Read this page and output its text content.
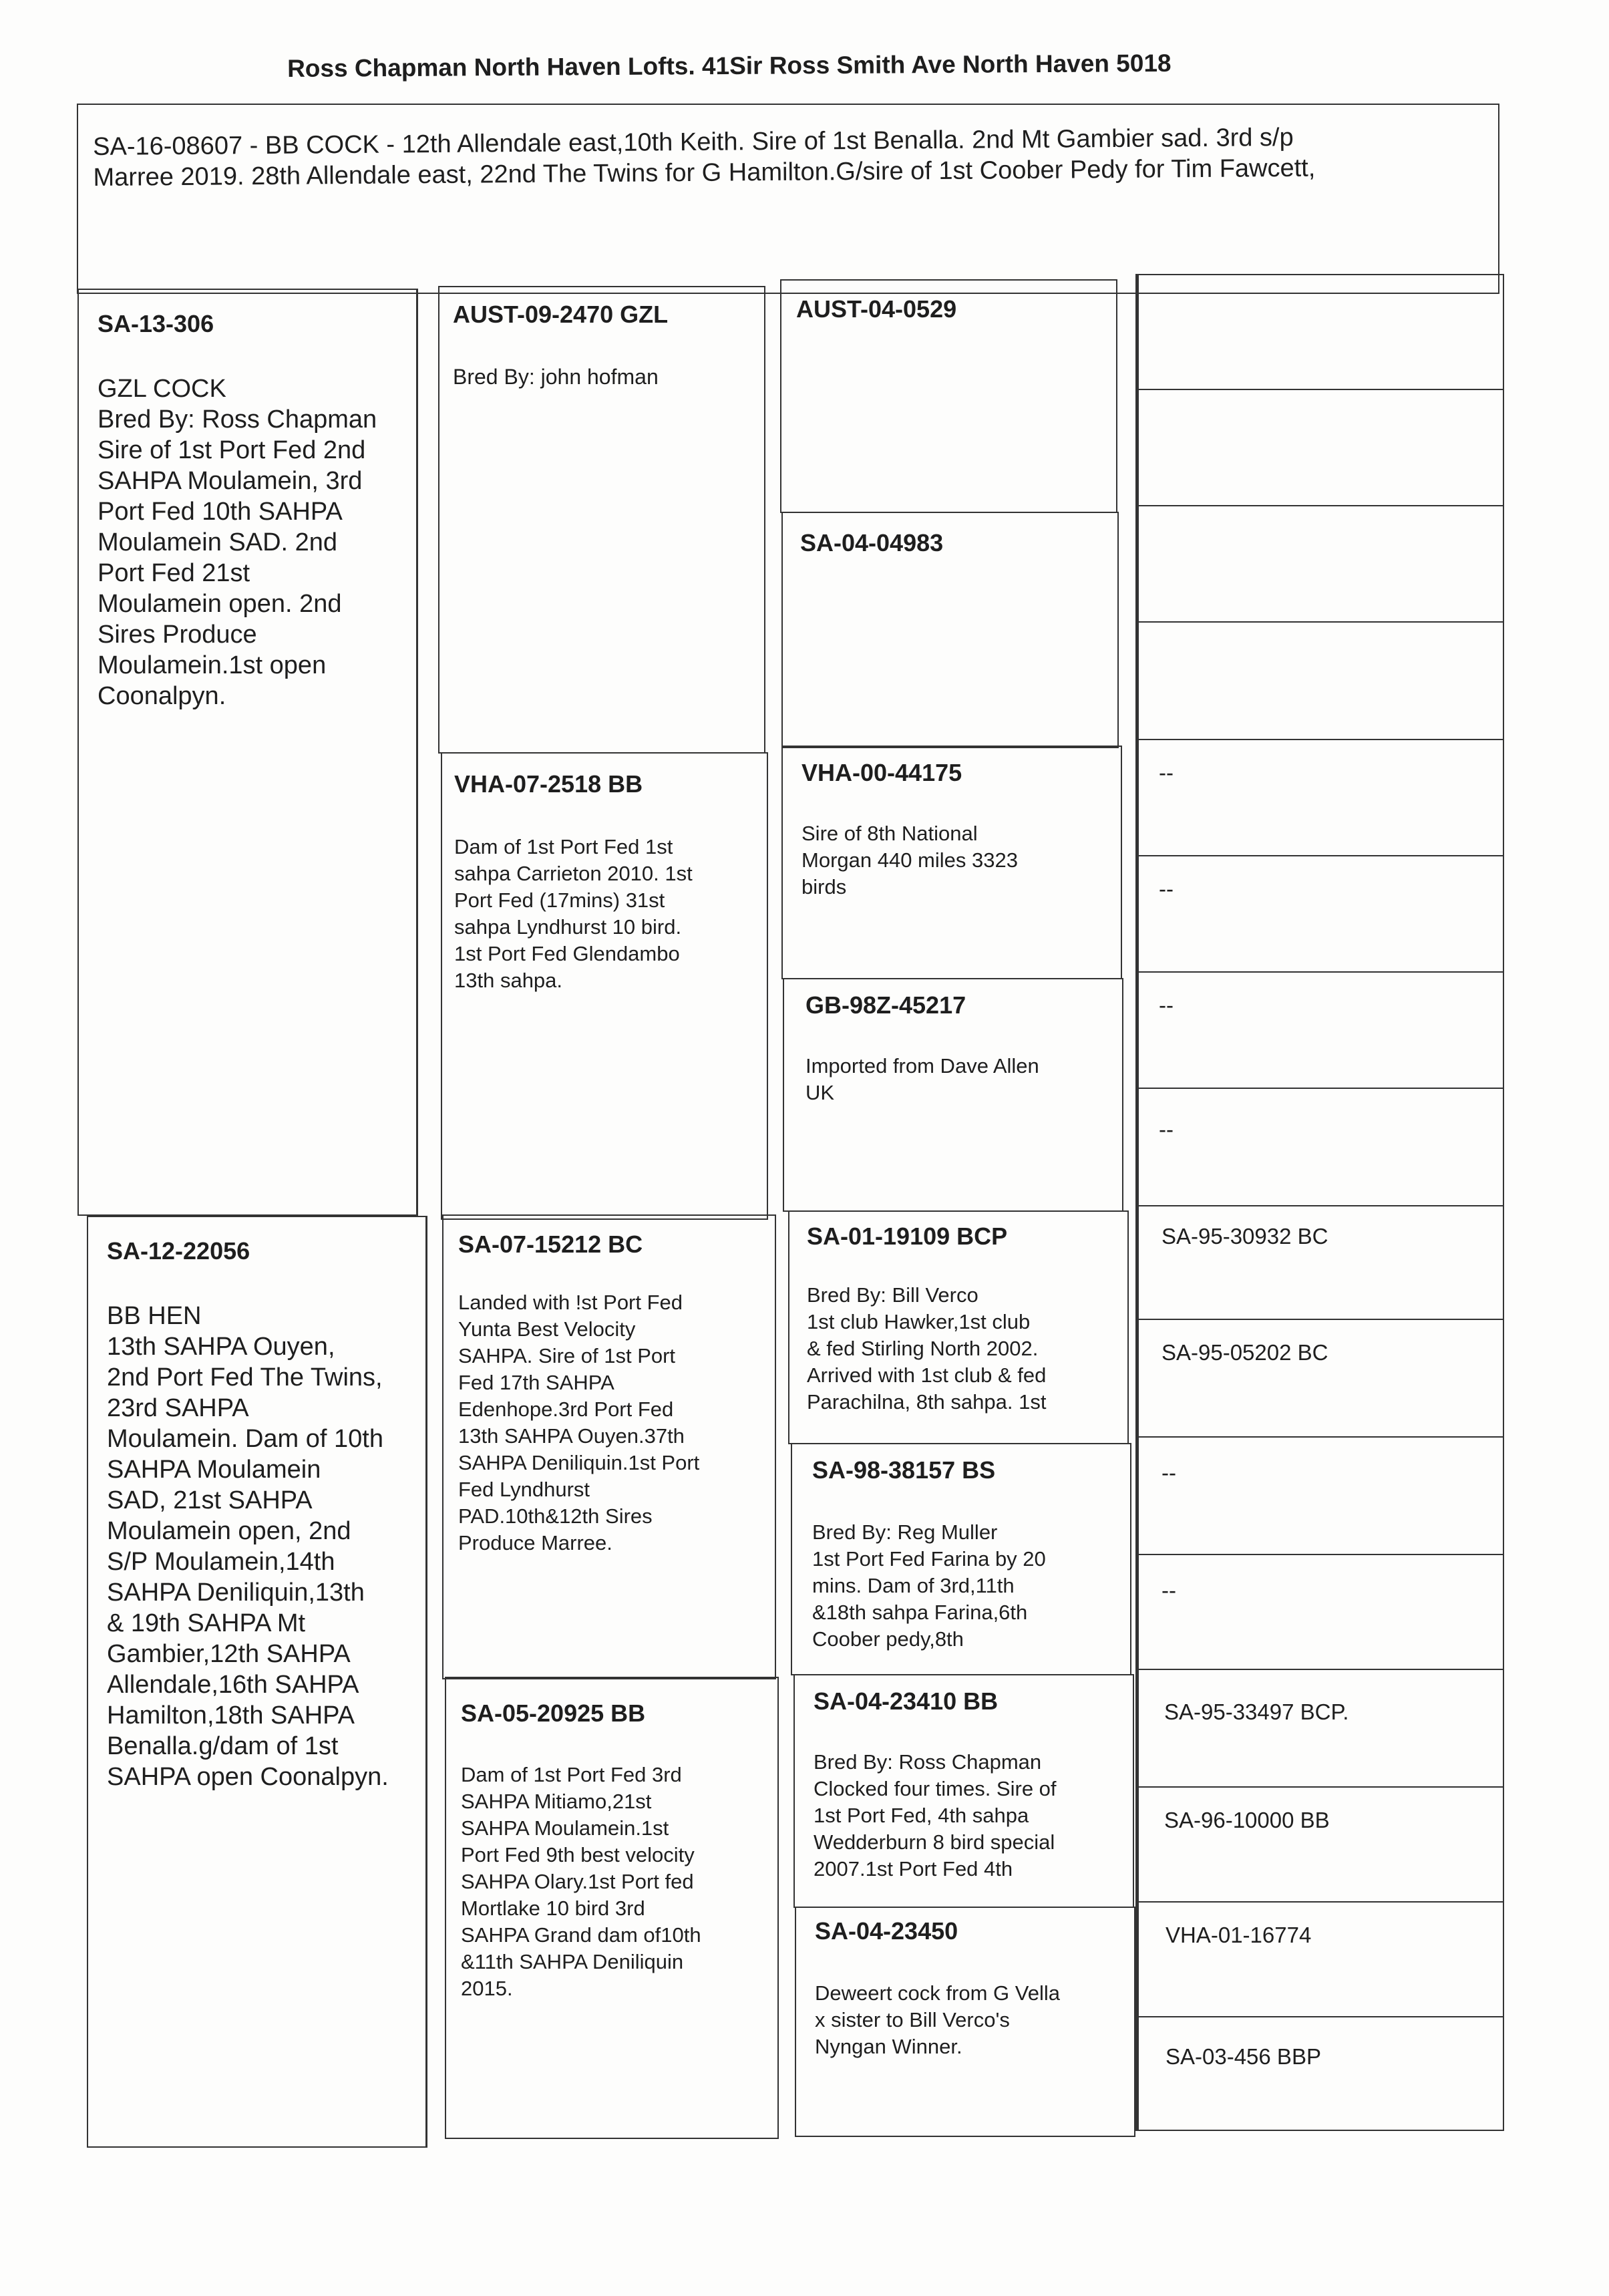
Ross Chapman North Haven Lofts. 41Sir Ross Smith Ave North Haven 5018
SA-16-08607 - BB COCK - 12th Allendale east,10th Keith. Sire of 1st Benalla. 2nd Mt Gambier sad. 3rd s/p
Marree 2019. 28th Allendale east, 22nd The Twins for G Hamilton.G/sire of 1st Coober Pedy for Tim Fawcett,
SA-13-306
GZL COCK
Bred By: Ross Chapman
Sire of 1st Port Fed 2nd
SAHPA Moulamein, 3rd
Port Fed 10th SAHPA
Moulamein SAD. 2nd
Port Fed 21st
Moulamein open. 2nd
Sires Produce
Moulamein.1st open
Coonalpyn.
SA-12-22056
BB HEN
13th SAHPA Ouyen,
2nd Port Fed The Twins,
23rd SAHPA
Moulamein. Dam of 10th
SAHPA Moulamein
SAD, 21st SAHPA
Moulamein open, 2nd
S/P Moulamein,14th
SAHPA Deniliquin,13th
& 19th SAHPA Mt
Gambier,12th SAHPA
Allendale,16th SAHPA
Hamilton,18th SAHPA
Benalla.g/dam of 1st
SAHPA open Coonalpyn.
AUST-09-2470 GZL
Bred By: john hofman
VHA-07-2518 BB
Dam of 1st Port Fed 1st
sahpa Carrieton 2010. 1st
Port Fed (17mins) 31st
sahpa Lyndhurst 10 bird.
1st Port Fed Glendambo
13th sahpa.
SA-07-15212 BC
Landed with !st Port Fed
Yunta Best Velocity
SAHPA. Sire of 1st Port
Fed 17th SAHPA
Edenhope.3rd Port Fed
13th SAHPA Ouyen.37th
SAHPA Deniliquin.1st Port
Fed Lyndhurst
PAD.10th&12th Sires
Produce Marree.
SA-05-20925 BB
Dam of 1st Port Fed 3rd
SAHPA Mitiamo,21st
SAHPA Moulamein.1st
Port Fed 9th best velocity
SAHPA Olary.1st Port fed
Mortlake 10 bird 3rd
SAHPA Grand dam of10th
&11th SAHPA Deniliquin
2015.
AUST-04-0529
SA-04-04983
VHA-00-44175
Sire of 8th National
Morgan 440 miles 3323
birds
GB-98Z-45217
Imported from Dave Allen
UK
SA-01-19109 BCP
Bred By: Bill Verco
1st club Hawker,1st club
& fed Stirling North 2002.
Arrived with 1st club & fed
Parachilna, 8th sahpa. 1st
SA-98-38157 BS
Bred By: Reg Muller
1st Port Fed Farina by 20
mins. Dam of 3rd,11th
&18th sahpa Farina,6th
Coober pedy,8th
SA-04-23410 BB
Bred By: Ross Chapman
Clocked four times. Sire of
1st Port Fed, 4th sahpa
Wedderburn 8 bird special
2007.1st Port Fed 4th
SA-04-23450
Deweert cock from G Vella
x sister to Bill Verco's
Nyngan Winner.
--
--
--
--
SA-95-30932 BC
SA-95-05202 BC
--
--
SA-95-33497 BCP.
SA-96-10000 BB
VHA-01-16774
SA-03-456 BBP
